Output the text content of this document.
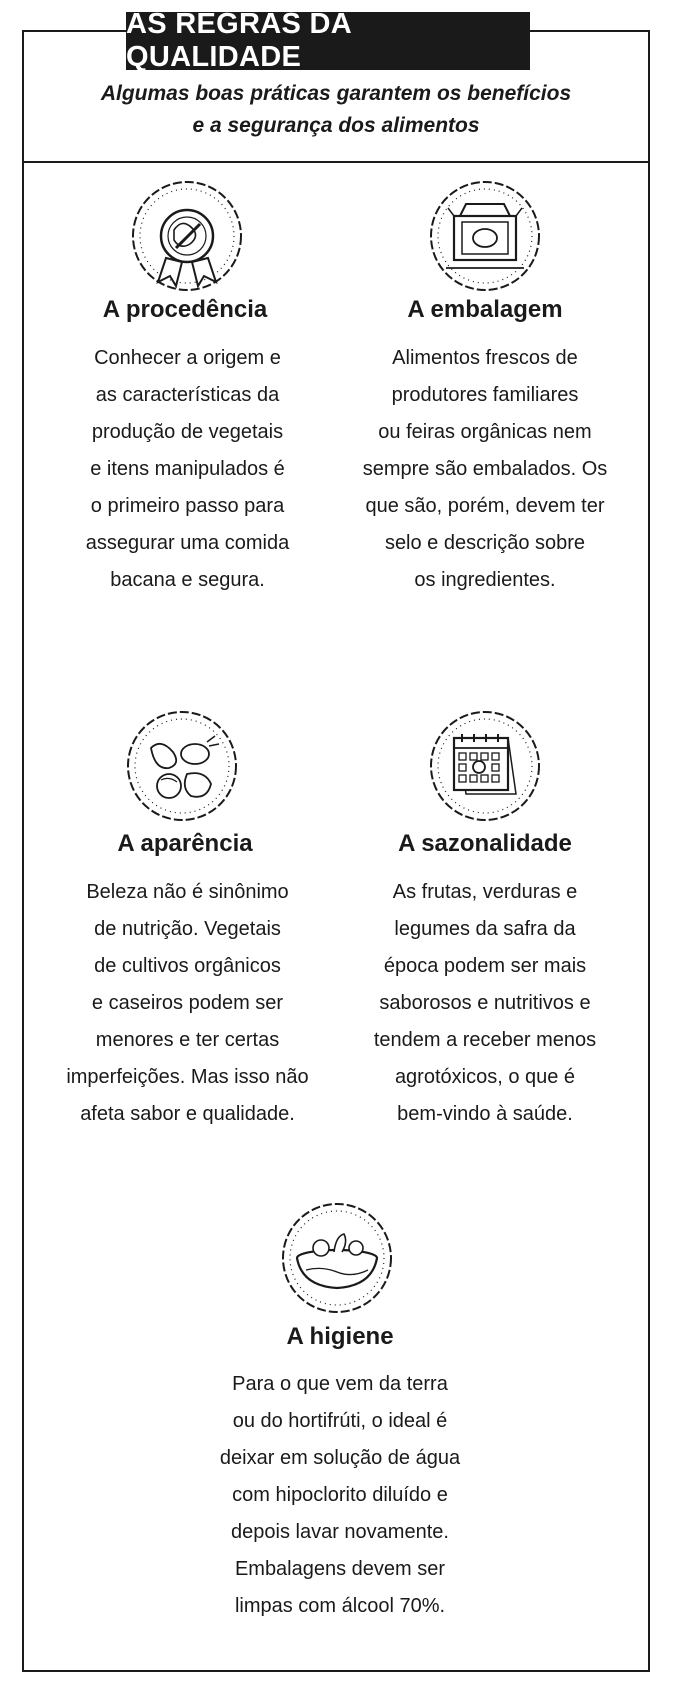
AS REGRAS DA QUALIDADE
Algumas boas práticas garantem os benefícios
e a segurança dos alimentos
A procedência
Conhecer a origem e
as características da
produção de vegetais
e itens manipulados é
o primeiro passo para
assegurar uma comida
bacana e segura.
A embalagem
Alimentos frescos de
produtores familiares
ou feiras orgânicas nem
sempre são embalados. Os
que são, porém, devem ter
selo e descrição sobre
os ingredientes.
A aparência
Beleza não é sinônimo
de nutrição. Vegetais
de cultivos orgânicos
e caseiros podem ser
menores e ter certas
imperfeições. Mas isso não
afeta sabor e qualidade.
A sazonalidade
As frutas, verduras e
legumes da safra da
época podem ser mais
saborosos e nutritivos e
tendem a receber menos
agrotóxicos, o que é
bem-vindo à saúde.
A higiene
Para o que vem da terra
ou do hortifrúti, o ideal é
deixar em solução de água
com hipoclorito diluído e
depois lavar novamente.
Embalagens devem ser
limpas com álcool 70%.
